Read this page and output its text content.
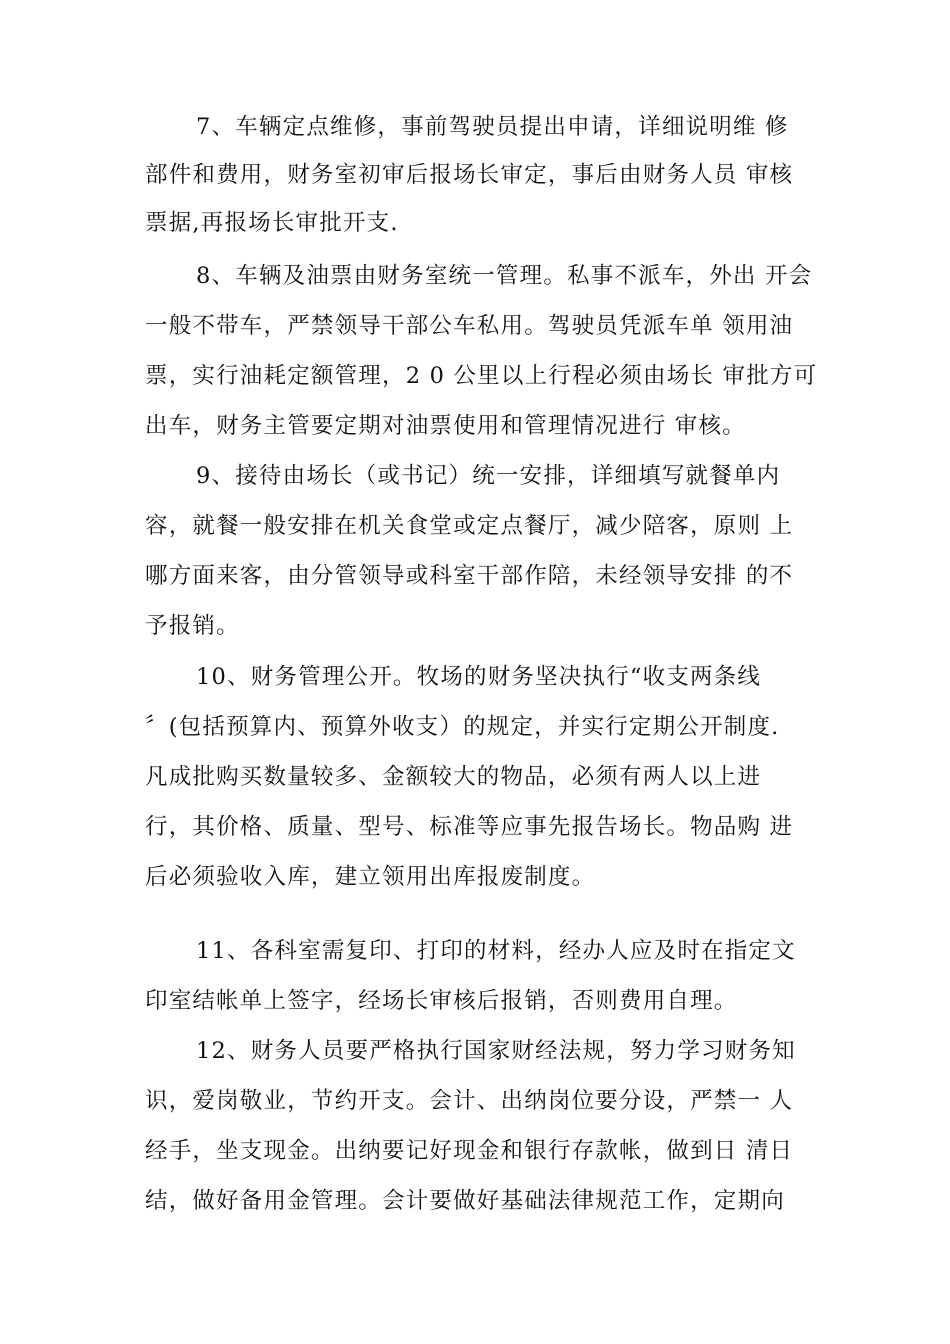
7、车辆定点维修，事前驾驶员提出申请，详细说明维 修
部件和费用，财务室初审后报场长审定，事后由财务人员 审核
票据,再报场长审批开支.
8、车辆及油票由财务室统一管理。私事不派车，外出 开会
一般不带车，严禁领导干部公车私用。驾驶员凭派车单 领用油
票，实行油耗定额管理，2 0 公里以上行程必须由场长 审批方可
出车，财务主管要定期对油票使用和管理情况进行 审核。
9、接待由场长（或书记）统一安排，详细填写就餐单内
容，就餐一般安排在机关食堂或定点餐厅，减少陪客，原则 上
哪方面来客，由分管领导或科室干部作陪，未经领导安排 的不
予报销。
10、财务管理公开。牧场的财务坚决执行“收支两条线
〞(包括预算内、预算外收支）的规定，并实行定期公开制度.
凡成批购买数量较多、金额较大的物品，必须有两人以上进
行，其价格、质量、型号、标准等应事先报告场长。物品购 进
后必须验收入库，建立领用出库报废制度。
11、各科室需复印、打印的材料，经办人应及时在指定文
印室结帐单上签字，经场长审核后报销，否则费用自理。
12、财务人员要严格执行国家财经法规，努力学习财务知
识，爱岗敬业，节约开支。会计、出纳岗位要分设，严禁一 人
经手，坐支现金。出纳要记好现金和银行存款帐，做到日 清日
结，做好备用金管理。会计要做好基础法律规范工作，定期向
